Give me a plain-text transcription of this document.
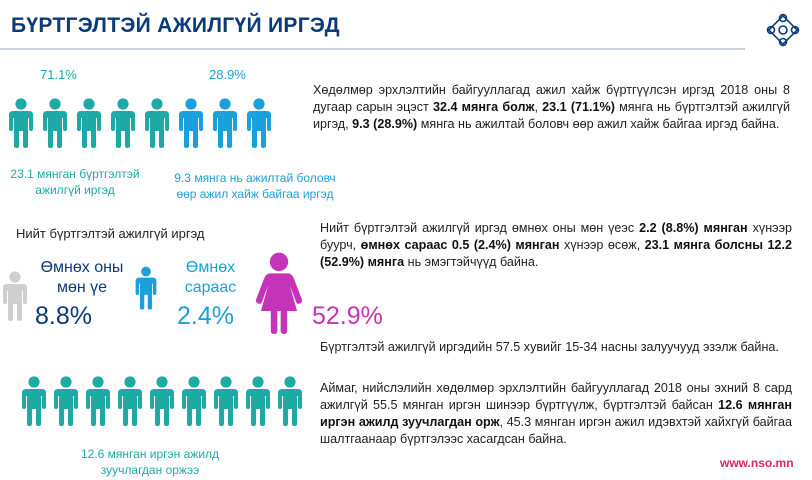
БҮРТГЭЛТЭЙ АЖИЛГҮЙ ИРГЭД
71.1%	28.9%
23.1 мянган бүртгэлтэй ажилгүй иргэд
9.3 мянга нь ажилтай боловч өөр ажил хайж байгаа иргэд
Хөдөлмөр эрхлэлтийн байгууллагад ажил хайж бүртгүүлсэн иргэд 2018 оны 8 дугаар сарын эцэст 32.4 мянга болж, 23.1 (71.1%) мянга нь бүртгэлтэй ажилгүй иргэд, 9.3 (28.9%) мянга нь ажилтай боловч өөр ажил хайж байгаа иргэд байна.
Нийт бүртгэлтэй ажилгүй иргэд
Өмнөх оны мөн үе
8.8%
Өмнөх сараас
2.4%	52.9%
Нийт бүртгэлтэй ажилгүй иргэд өмнөх оны мөн үеэс 2.2 (8.8%) мянган хүнээр буурч, өмнөх сараас 0.5 (2.4%) мянган хүнээр өсөж, 23.1 мянга болсны 12.2 (52.9%) мянга нь эмэгтэйчүүд байна.
Бүртгэлтэй ажилгүй иргэдийн 57.5 хувийг 15-34 насны залуучууд эзэлж байна.
Аймаг, нийслэлийн хөдөлмөр эрхлэлтийн байгууллагад 2018 оны эхний 8 сард ажилгүй 55.5 мянган иргэн шинээр бүртгүүлж, бүртгэлтэй байсан 12.6 мянган иргэн ажилд зуучлагдан орж, 45.3 мянган иргэн ажил идэвхтэй хайхгүй байгаа шалтгаанаар бүртгэлээс хасагдсан байна.
12.6 мянган иргэн ажилд зуучлагдан оржээ	www.nso.mn
